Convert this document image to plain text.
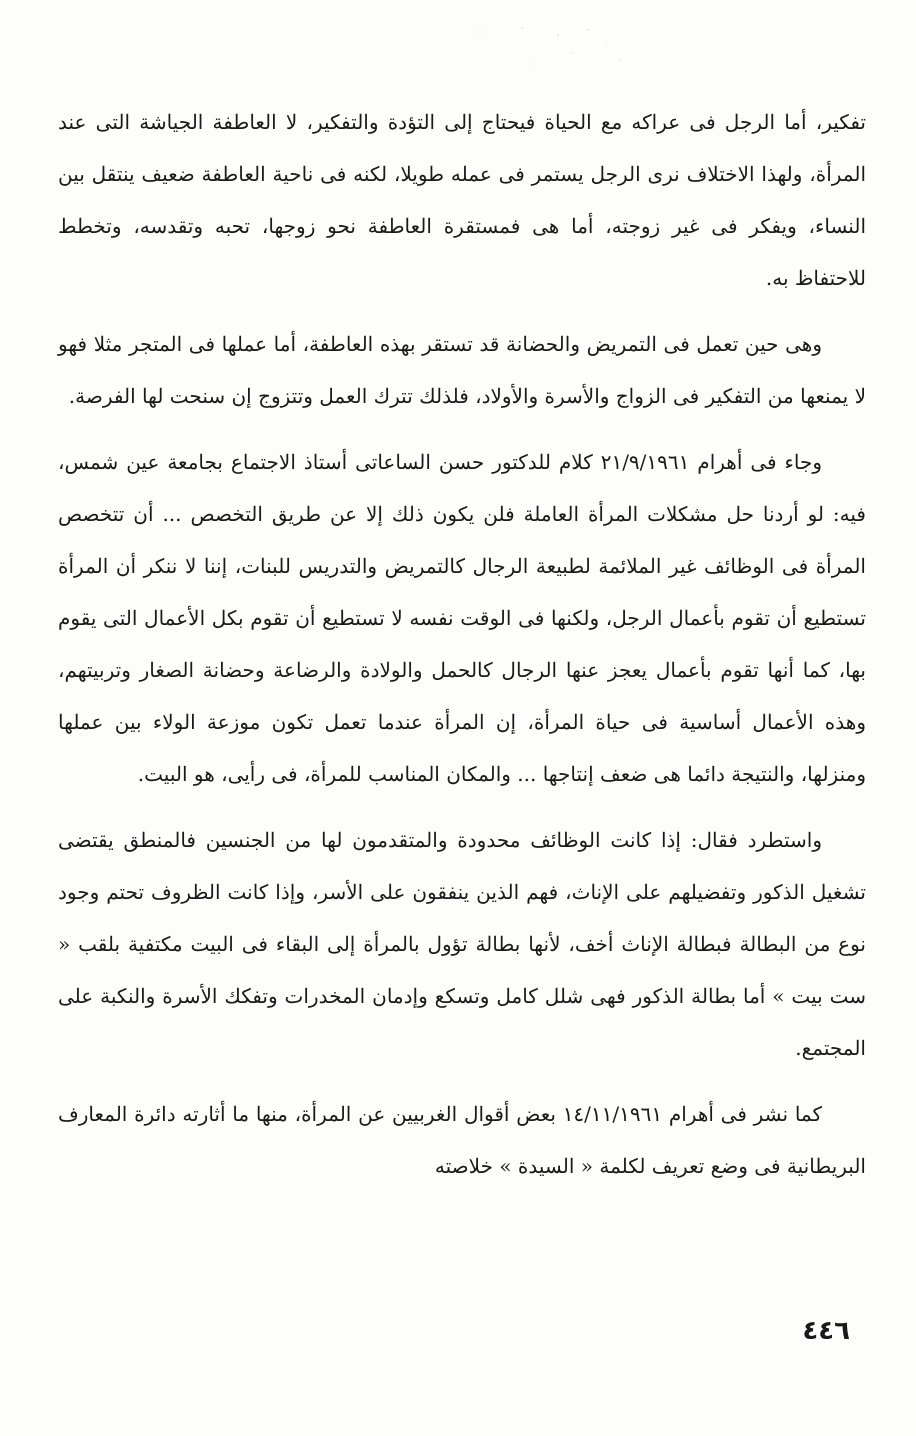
تفكير، أما الرجل فى عراكه مع الحياة فيحتاج إلى التؤدة والتفكير، لا العاطفة الجياشة التى عند المرأة، ولهذا الاختلاف نرى الرجل يستمر فى عمله طويلا، لكنه فى ناحية العاطفة ضعيف ينتقل بين النساء، ويفكر فى غير زوجته، أما هى فمستقرة العاطفة نحو زوجها، تحبه وتقدسه، وتخطط للاحتفاظ به.

وهى حين تعمل فى التمريض والحضانة قد تستقر بهذه العاطفة، أما عملها فى المتجر مثلا فهو لا يمنعها من التفكير فى الزواج والأسرة والأولاد، فلذلك تترك العمل وتتزوج إن سنحت لها الفرصة.

وجاء فى أهرام ٢١/٩/١٩٦١ كلام للدكتور حسن الساعاتى أستاذ الاجتماع بجامعة عين شمس، فيه: لو أردنا حل مشكلات المرأة العاملة فلن يكون ذلك إلا عن طريق التخصص ... أن تتخصص المرأة فى الوظائف غير الملائمة لطبيعة الرجال كالتمريض والتدريس للبنات، إننا لا ننكر أن المرأة تستطيع أن تقوم بأعمال الرجل، ولكنها فى الوقت نفسه لا تستطيع أن تقوم بكل الأعمال التى يقوم بها، كما أنها تقوم بأعمال يعجز عنها الرجال كالحمل والولادة والرضاعة وحضانة الصغار وتربيتهم، وهذه الأعمال أساسية فى حياة المرأة، إن المرأة عندما تعمل تكون موزعة الولاء بين عملها ومنزلها، والنتيجة دائما هى ضعف إنتاجها ... والمكان المناسب للمرأة، فى رأيى، هو البيت.

واستطرد فقال: إذا كانت الوظائف محدودة والمتقدمون لها من الجنسين فالمنطق يقتضى تشغيل الذكور وتفضيلهم على الإناث، فهم الذين ينفقون على الأسر، وإذا كانت الظروف تحتم وجود نوع من البطالة فبطالة الإناث أخف، لأنها بطالة تؤول بالمرأة إلى البقاء فى البيت مكتفية بلقب « ست بيت » أما بطالة الذكور فهى شلل كامل وتسكع وإدمان المخدرات وتفكك الأسرة والنكبة على المجتمع.

كما نشر فى أهرام ١٤/١١/١٩٦١ بعض أقوال الغربيين عن المرأة، منها ما أثارته دائرة المعارف البريطانية فى وضع تعريف لكلمة « السيدة » خلاصته

٤٤٦
